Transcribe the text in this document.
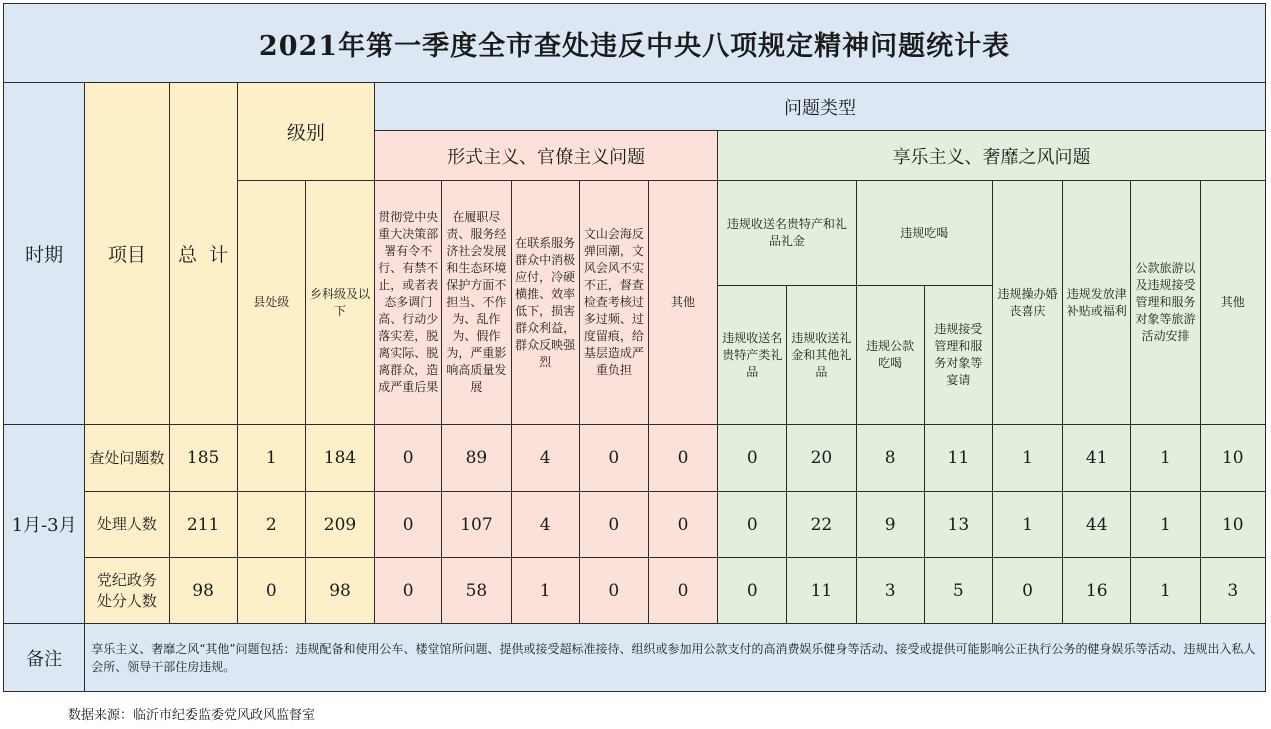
2021年第一季度全市查处违反中央八项规定精神问题统计表																	
时期	项目	总  计	级别		问题类型												
					形式主义、官僚主义问题					享乐主义、奢靡之风问题							
			县处级	乡科级及以下	贯彻党中央重大决策部署有令不行、有禁不止，或者表态多调门高、行动少落实差，脱离实际、脱离群众，造成严重后果	在履职尽责、服务经济社会发展和生态环境保护方面不担当、不作为、乱作为、假作为，严重影响高质量发展	在联系服务群众中消极应付，冷硬横推、效率低下，损害群众利益，群众反映强烈	文山会海反弹回潮，文风会风不实不正，督查检查考核过多过频、过度留痕，给基层造成严重负担	其他	违规收送名贵特产和礼品礼金		违规吃喝		违规操办婚丧喜庆	违规发放津补贴或福利	公款旅游以及违规接受管理和服务对象等旅游活动安排	其他
										违规收送名贵特产类礼品	违规收送礼金和其他礼品	违规公款吃喝	违规接受管理和服务对象等宴请				
1月-3月	查处问题数	185	1	184	0	89	4	0	0	0	20	8	11	1	41	1	10
	处理人数	211	2	209	0	107	4	0	0	0	22	9	13	1	44	1	10
	党纪政务处分人数	98	0	98	0	58	1	0	0	0	11	3	5	0	16	1	3
备注	享乐主义、奢靡之风“其他”问题包括：违规配备和使用公车、楼堂馆所问题、提供或接受超标准接待、组织或参加用公款支付的高消费娱乐健身等活动、接受或提供可能影响公正执行公务的健身娱乐等活动、违规出入私人会所、领导干部住房违规。																
数据来源：临沂市纪委监委党风政风监督室
